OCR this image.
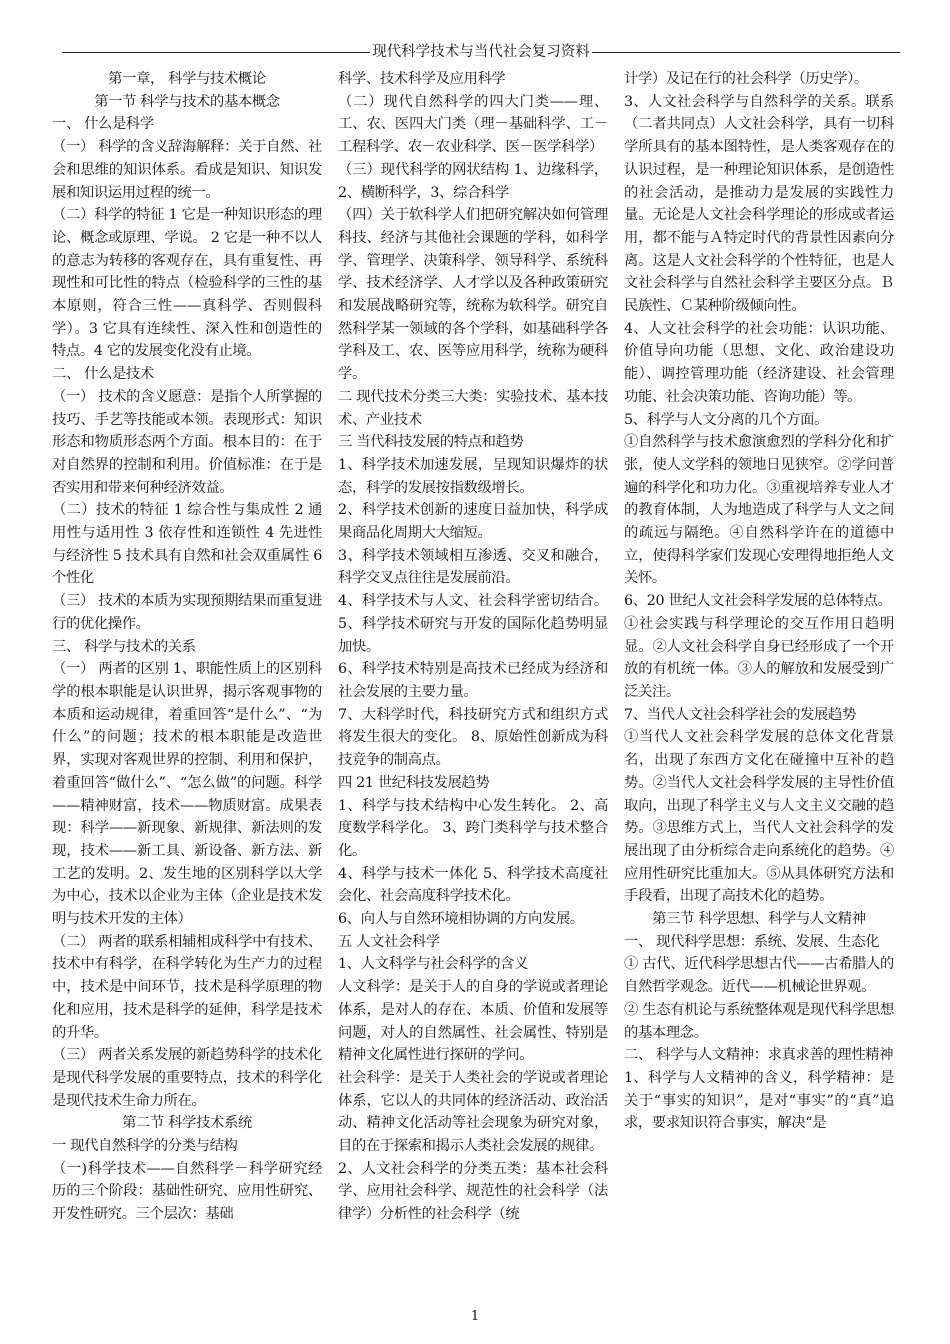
现代科学技术与当代社会复习资料

第一章， 科学与技术概论

第一节 科学与技术的基本概念

一、 什么是科学

（一） 科学的含义辞海解释：关于自然、社会和思维的知识体系。看成是知识、知识发展和知识运用过程的统一。

（二）科学的特征 1 它是一种知识形态的理论、概念或原理、学说。 2 它是一种不以人的意志为转移的客观存在，具有重复性、再现性和可比性的特点（检验科学的三性的基本原则，符合三性——真科学、否则假科学）。3 它具有连续性、深入性和创造性的特点。4 它的发展变化没有止境。

二、 什么是技术

（一） 技术的含义愿意：是指个人所掌握的技巧、手艺等技能或本领。表现形式：知识形态和物质形态两个方面。根本目的：在于对自然界的控制和利用。价值标准：在于是否实用和带来何种经济效益。

（二）技术的特征 1 综合性与集成性 2 通用性与适用性 3 依存性和连锁性 4 先进性与经济性 5 技术具有自然和社会双重属性 6 个性化

（三） 技术的本质为实现预期结果而重复进行的优化操作。

三、 科学与技术的关系

（一） 两者的区别 1、职能性质上的区别科学的根本职能是认识世界，揭示客观事物的本质和运动规律，着重回答“是什么”、“为什么”的问题；技术的根本职能是改造世界，实现对客观世界的控制、利用和保护，着重回答“做什么”、“怎么做”的问题。科学——精神财富，技术——物质财富。成果表现：科学——新现象、新规律、新法则的发现，技术——新工具、新设备、新方法、新工艺的发明。2、发生地的区别科学以大学为中心，技术以企业为主体（企业是技术发明与技术开发的主体）

（二） 两者的联系相辅相成科学中有技术、技术中有科学，在科学转化为生产力的过程中，技术是中间环节，技术是科学原理的物化和应用，技术是科学的延伸，科学是技术的升华。

（三） 两者关系发展的新趋势科学的技术化是现代科学发展的重要特点，技术的科学化是现代技术生命力所在。

第二节 科学技术系统

一 现代自然科学的分类与结构

（一)科学技术——自然科学－科学研究经历的三个阶段：基础性研究、应用性研究、开发性研究。三个层次：基础

科学、技术科学及应用科学

（二）现代自然科学的四大门类——理、工、农、医四大门类（理－基础科学、工－工程科学、农－农业科学、医－医学科学）

（三）现代科学的网状结构 1、边缘科学，2、横断科学，3、综合科学

（四）关于软科学人们把研究解决如何管理科技、经济与其他社会课题的学科，如科学学、管理学、决策科学、领导科学、系统科学、技术经济学、人才学以及各种政策研究和发展战略研究等，统称为软科学。研究自然科学某一领域的各个学科，如基础科学各学科及工、农、医等应用科学，统称为硬科学。

二 现代技术分类三大类：实验技术、基本技术、产业技术

三 当代科技发展的特点和趋势

1、科学技术加速发展，呈现知识爆炸的状态，科学的发展按指数级增长。

2、科学技术创新的速度日益加快，科学成果商品化周期大大缩短。

3、科学技术领域相互渗透、交叉和融合，科学交叉点往往是发展前沿。

4、科学技术与人文、社会科学密切结合。 5、科学技术研究与开发的国际化趋势明显加快。

6、科学技术特别是高技术已经成为经济和社会发展的主要力量。

7、大科学时代，科技研究方式和组织方式将发生很大的变化。 8、原始性创新成为科技竞争的制高点。

四 21 世纪科技发展趋势

1、科学与技术结构中心发生转化。 2、高度数学科学化。 3、跨门类科学与技术整合化。

4、科学与技术一体化 5、科学技术高度社会化、社会高度科学技术化。

6、向人与自然环境相协调的方向发展。

五 人文社会科学

1、人文科学与社会科学的含义

人文科学：是关于人的自身的学说或者理论体系，是对人的存在、本质、价值和发展等问题，对人的自然属性、社会属性、特别是精神文化属性进行探研的学问。

社会科学：是关于人类社会的学说或者理论体系，它以人的共同体的经济活动、政治活动、精神文化活动等社会现象为研究对象，目的在于探索和揭示人类社会发展的规律。

2、人文社会科学的分类五类：基本社会科学、应用社会科学、规范性的社会科学（法律学）分析性的社会科学（统

计学）及记在行的社会科学（历史学）。

3、人文社会科学与自然科学的关系。联系（二者共同点）人文社会科学，具有一切科学所具有的基本图特性，是人类客观存在的认识过程，是一种理论知识体系，是创造性的社会活动，是推动力是发展的实践性力量。无论是人文社会科学理论的形成或者运用，都不能与Ａ特定时代的背景性因素向分离。这是人文社会科学的个性特征，也是人文社会科学与自然社会科学主要区分点。Ｂ民族性、Ｃ某种阶级倾向性。

4、人文社会科学的社会功能：认识功能、价值导向功能（思想、文化、政治建设功能）、调控管理功能（经济建设、社会管理功能、社会决策功能、咨询功能）等。

5、科学与人文分离的几个方面。

①自然科学与技术愈演愈烈的学科分化和扩张，使人文学科的领地日见狭窄。②学问普遍的科学化和功力化。③重视培养专业人才的教育体制，人为地造成了科学与人文之间的疏远与隔绝。④自然科学许在的道德中立，使得科学家们发现心安理得地拒绝人文关怀。

6、20 世纪人文社会科学发展的总体特点。

①社会实践与科学理论的交互作用日趋明显。②人文社会科学自身已经形成了一个开放的有机统一体。③人的解放和发展受到广泛关注。

7、当代人文社会科学社会的发展趋势

①当代人文社会科学发展的总体文化背景名，出现了东西方文化在碰撞中互补的趋势。②当代人文社会科学发展的主导性价值取向，出现了科学主义与人文主义交融的趋势。③思维方式上，当代人文社会科学的发展出现了由分析综合走向系统化的趋势。④应用性研究比重加大。⑤从具体研究方法和手段看，出现了高技术化的趋势。

第三节 科学思想、科学与人文精神

一、 现代科学思想：系统、发展、生态化

① 古代、近代科学思想古代——古希腊人的自然哲学观念。近代——机械论世界观。

② 生态有机论与系统整体观是现代科学思想的基本理念。

二、 科学与人文精神：求真求善的理性精神

1、科学与人文精神的含义，科学精神：是关于“事实的知识”，是对“事实”的“真”追求，要求知识符合事实，解决“是

1
